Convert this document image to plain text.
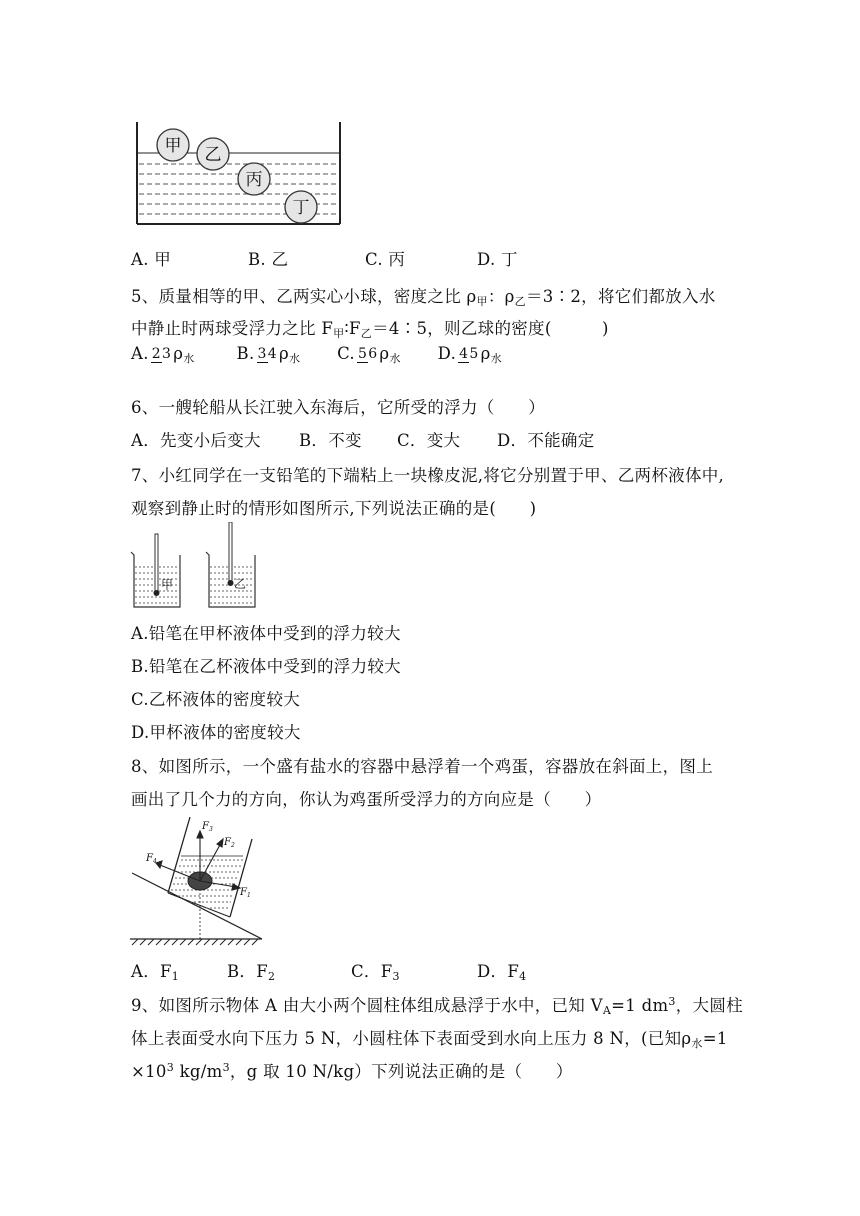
甲 乙
丙
丁
A. 甲	B. 乙	C. 丙	D. 丁
5、质量相等的甲、乙两实心小球，密度之比 $\rho_甲$：$\rho_乙=3∶2$，将它们都放入水
中静止时两球受浮力之比 $F_甲∶F_乙=4∶5$，则乙球的密度(　　　)
A. 23 ρ水	B. 34 ρ水 C. 56 ρ水 D. 45 ρ水
6、一艘轮船从长江驶入东海后，它所受的浮力（　　）
A．先变小后变大 B．不变 C．变大 D．不能确定
7、小红同学在一支铅笔的下端粘上一块橡皮泥,将它分别置于甲、乙两杯液体中,
观察到静止时的情形如图所示,下列说法正确的是(　　)
甲	乙
A.铅笔在甲杯液体中受到的浮力较大
B.铅笔在乙杯液体中受到的浮力较大
C.乙杯液体的密度较大
D.甲杯液体的密度较大
8、如图所示，一个盛有盐水的容器中悬浮着一个鸡蛋，容器放在斜面上，图上
画出了几个力的方向，你认为鸡蛋所受浮力的方向应是（　　）
$F_3$
$F_2$
$F_1$
$F_4$
A．F1	B．F2	C．F3	D．F4
9、如图所示物体 A 由大小两个圆柱体组成悬浮于水中，已知 $V_A=1$ $dm^3$，大圆柱
体上表面受水向下压力 5 N，小圆柱体下表面受到水向上压力 8 N，(已知$\rho_水=1$
$\times 10^3$ $kg/m^3$，g 取 10 N/kg）下列说法正确的是（　　）
